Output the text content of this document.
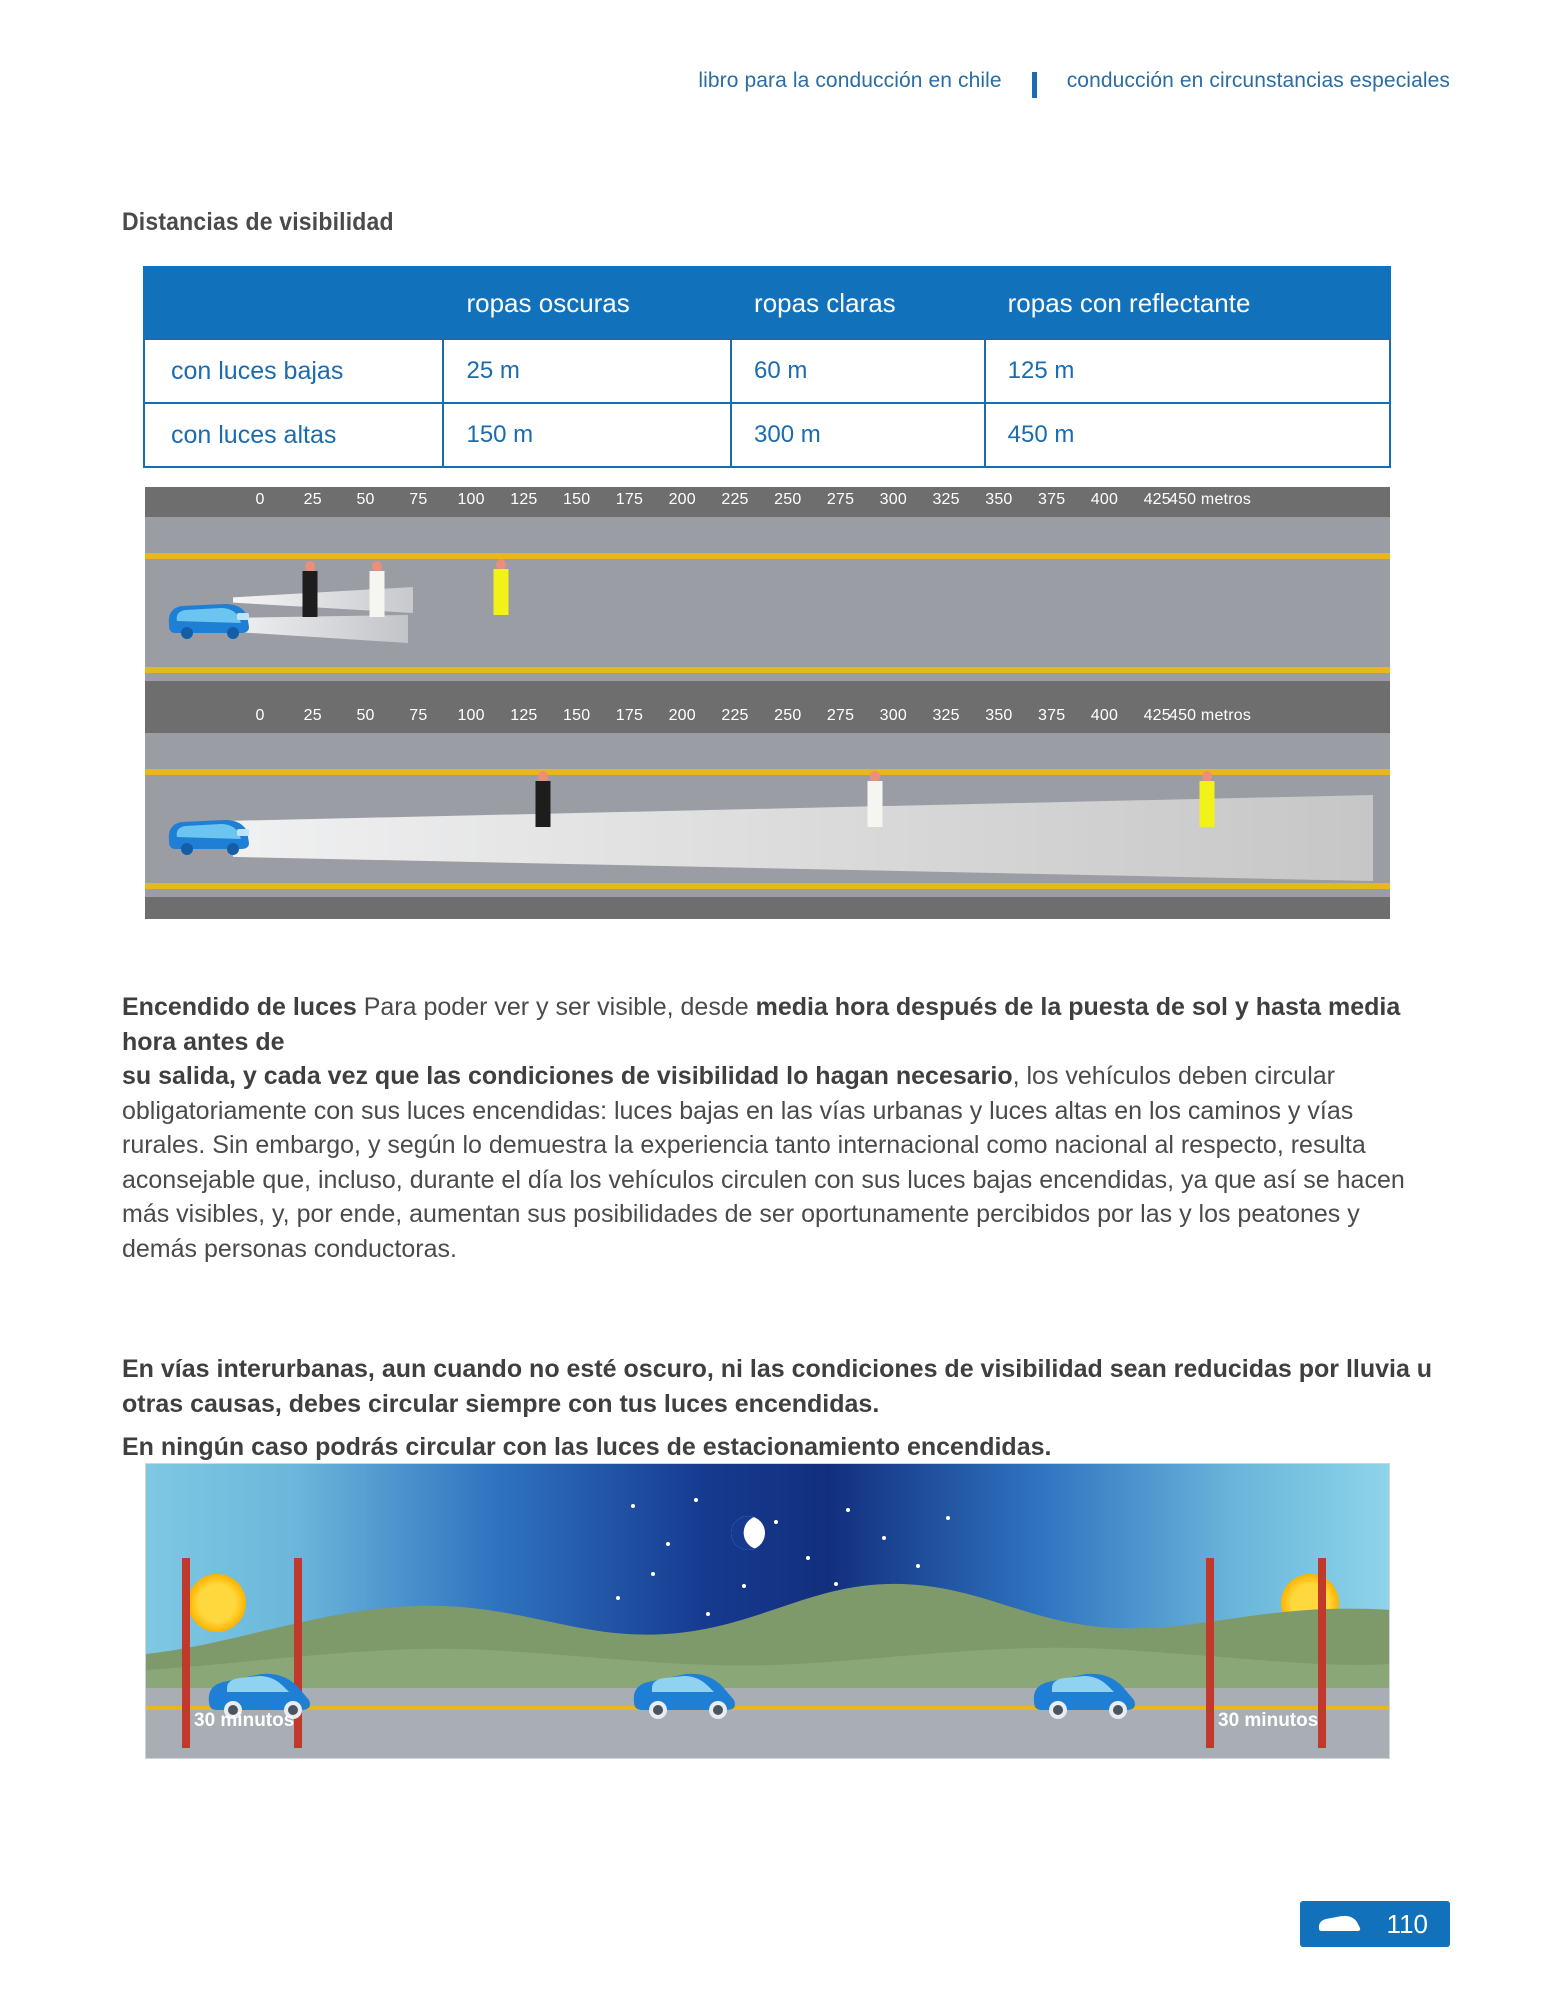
libro para la conducción en chile	conducción en circunstancias especiales
Distancias de visibilidad
	ropas oscuras	ropas claras	ropas con reflectante
con luces bajas	25 m	60 m	125 m
con luces altas	150 m	300 m	450 m
0 25 50 75 100 125 150 175 200 225 250 275 300 325 350 375 400 425
450 metros
0 25 50 75 100 125 150 175 200 225 250 275 300 325 350 375 400 425
450 metros
Encendido de luces Para poder ver y ser visible, desde media hora después de la puesta de sol y hasta media hora antes de
su salida, y cada vez que las condiciones de visibilidad lo hagan necesario, los vehículos deben circular obligatoriamente con sus luces encendidas: luces bajas en las vías urbanas y luces altas en los caminos y vías
rurales. Sin embargo, y según lo demuestra la experiencia tanto internacional como nacional al respecto, resulta aconsejable que, incluso, durante el día los vehículos circulen con sus luces bajas encendidas, ya que así se hacen más visibles, y, por ende, aumentan sus posibilidades de ser oportunamente percibidos por las y los peatones y demás personas conductoras.
En vías interurbanas, aun cuando no esté oscuro, ni las condiciones de visibilidad sean reducidas por lluvia u otras causas, debes circular siempre con tus luces encendidas.
En ningún caso podrás circular con las luces de estacionamiento encendidas.
30 minutos	30 minutos
110
